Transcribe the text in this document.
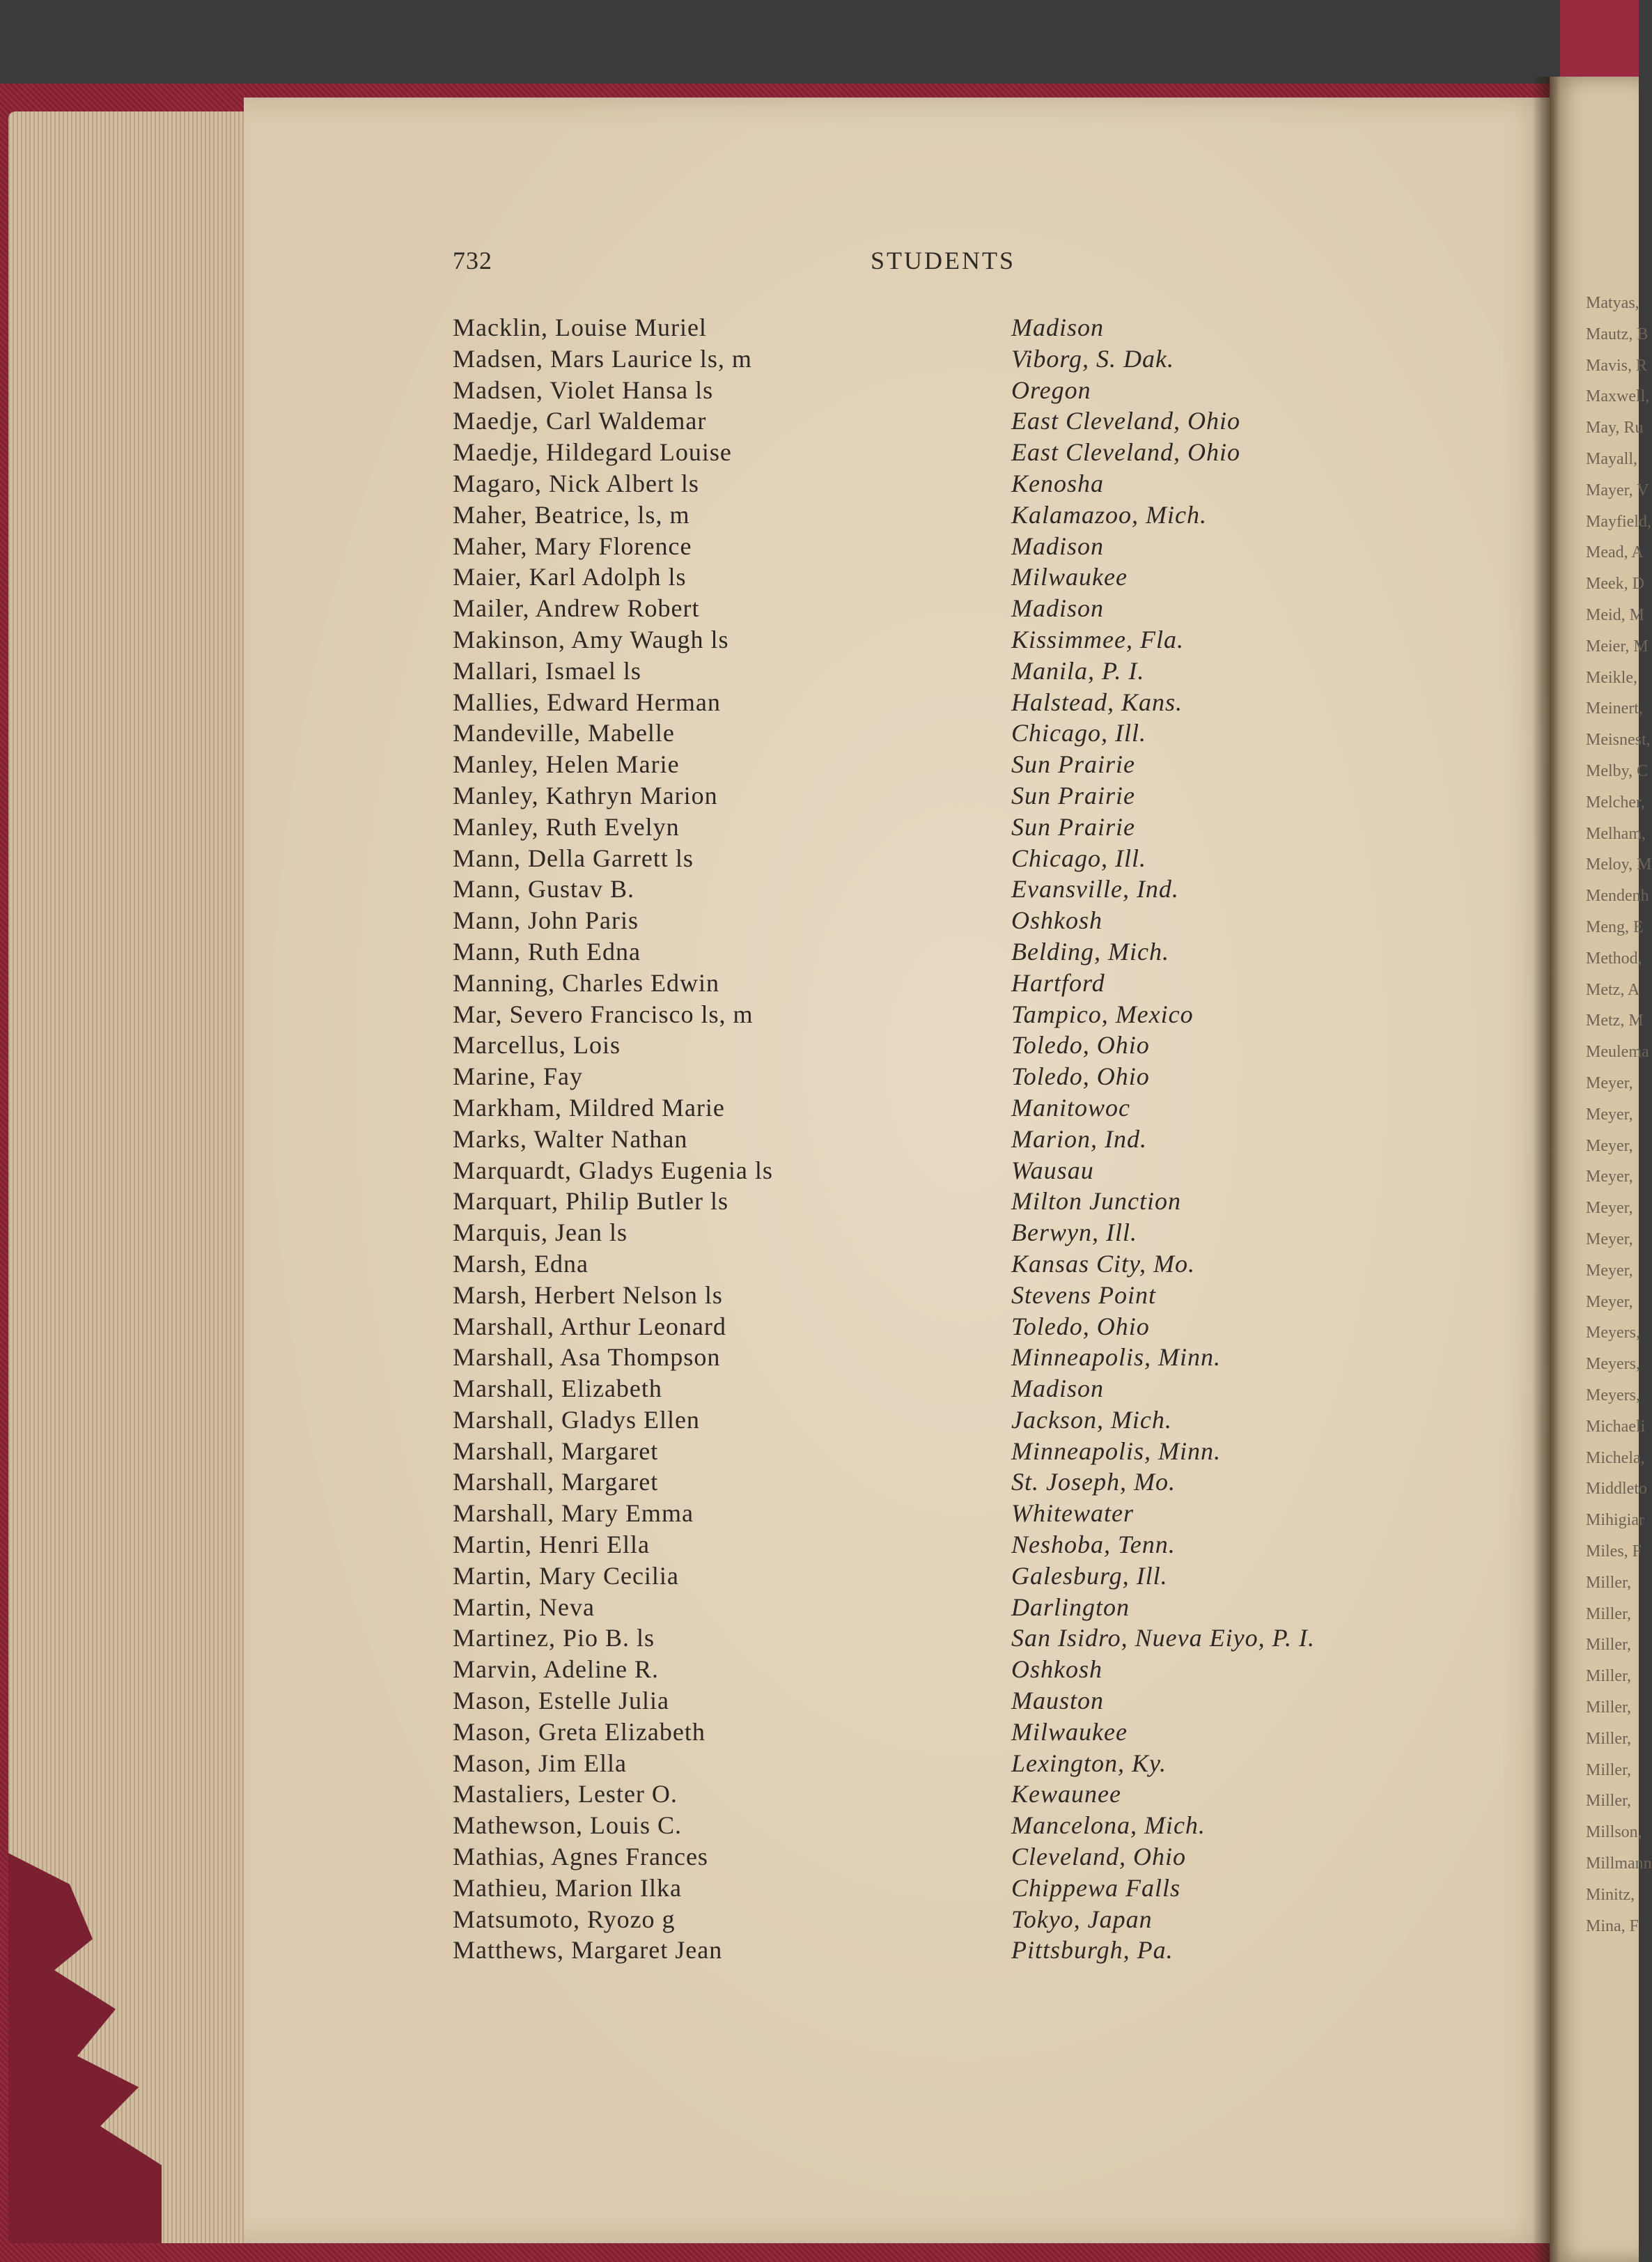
Matyas,
Mautz, B
Mavis, R
Maxwell,
May, Ru
Mayall,
Mayer, V
Mayfield,
Mead, A
Meek, D
Meid, M
Meier, M
Meikle,
Meinert,
Meisnest,
Melby, C
Melcher,
Melham,
Meloy, M
Mendenh
Meng, E
Method,
Metz, A
Metz, M
Meulema
Meyer,
Meyer,
Meyer,
Meyer,
Meyer,
Meyer,
Meyer,
Meyer,
Meyers,
Meyers,
Meyers,
Michaeli
Michela,
Middleto
Mihigiar
Miles, F
Miller,
Miller,
Miller,
Miller,
Miller,
Miller,
Miller,
Miller,
Millson,
Millmann
Minitz,
Mina, F
732	STUDENTS
Macklin, Louise Muriel	Madison
Madsen, Mars Laurice ls, m	Viborg, S. Dak.
Madsen, Violet Hansa ls	Oregon
Maedje, Carl Waldemar	East Cleveland, Ohio
Maedje, Hildegard Louise	East Cleveland, Ohio
Magaro, Nick Albert ls	Kenosha
Maher, Beatrice, ls, m	Kalamazoo, Mich.
Maher, Mary Florence	Madison
Maier, Karl Adolph ls	Milwaukee
Mailer, Andrew Robert	Madison
Makinson, Amy Waugh ls	Kissimmee, Fla.
Mallari, Ismael ls	Manila, P. I.
Mallies, Edward Herman	Halstead, Kans.
Mandeville, Mabelle	Chicago, Ill.
Manley, Helen Marie	Sun Prairie
Manley, Kathryn Marion	Sun Prairie
Manley, Ruth Evelyn	Sun Prairie
Mann, Della Garrett ls	Chicago, Ill.
Mann, Gustav B.	Evansville, Ind.
Mann, John Paris	Oshkosh
Mann, Ruth Edna	Belding, Mich.
Manning, Charles Edwin	Hartford
Mar, Severo Francisco ls, m	Tampico, Mexico
Marcellus, Lois	Toledo, Ohio
Marine, Fay	Toledo, Ohio
Markham, Mildred Marie	Manitowoc
Marks, Walter Nathan	Marion, Ind.
Marquardt, Gladys Eugenia ls	Wausau
Marquart, Philip Butler ls	Milton Junction
Marquis, Jean ls	Berwyn, Ill.
Marsh, Edna	Kansas City, Mo.
Marsh, Herbert Nelson ls	Stevens Point
Marshall, Arthur Leonard	Toledo, Ohio
Marshall, Asa Thompson	Minneapolis, Minn.
Marshall, Elizabeth	Madison
Marshall, Gladys Ellen	Jackson, Mich.
Marshall, Margaret	Minneapolis, Minn.
Marshall, Margaret	St. Joseph, Mo.
Marshall, Mary Emma	Whitewater
Martin, Henri Ella	Neshoba, Tenn.
Martin, Mary Cecilia	Galesburg, Ill.
Martin, Neva	Darlington
Martinez, Pio B. ls	San Isidro, Nueva Eiyo, P. I.
Marvin, Adeline R.	Oshkosh
Mason, Estelle Julia	Mauston
Mason, Greta Elizabeth	Milwaukee
Mason, Jim Ella	Lexington, Ky.
Mastaliers, Lester O.	Kewaunee
Mathewson, Louis C.	Mancelona, Mich.
Mathias, Agnes Frances	Cleveland, Ohio
Mathieu, Marion Ilka	Chippewa Falls
Matsumoto, Ryozo g	Tokyo, Japan
Matthews, Margaret Jean	Pittsburgh, Pa.
